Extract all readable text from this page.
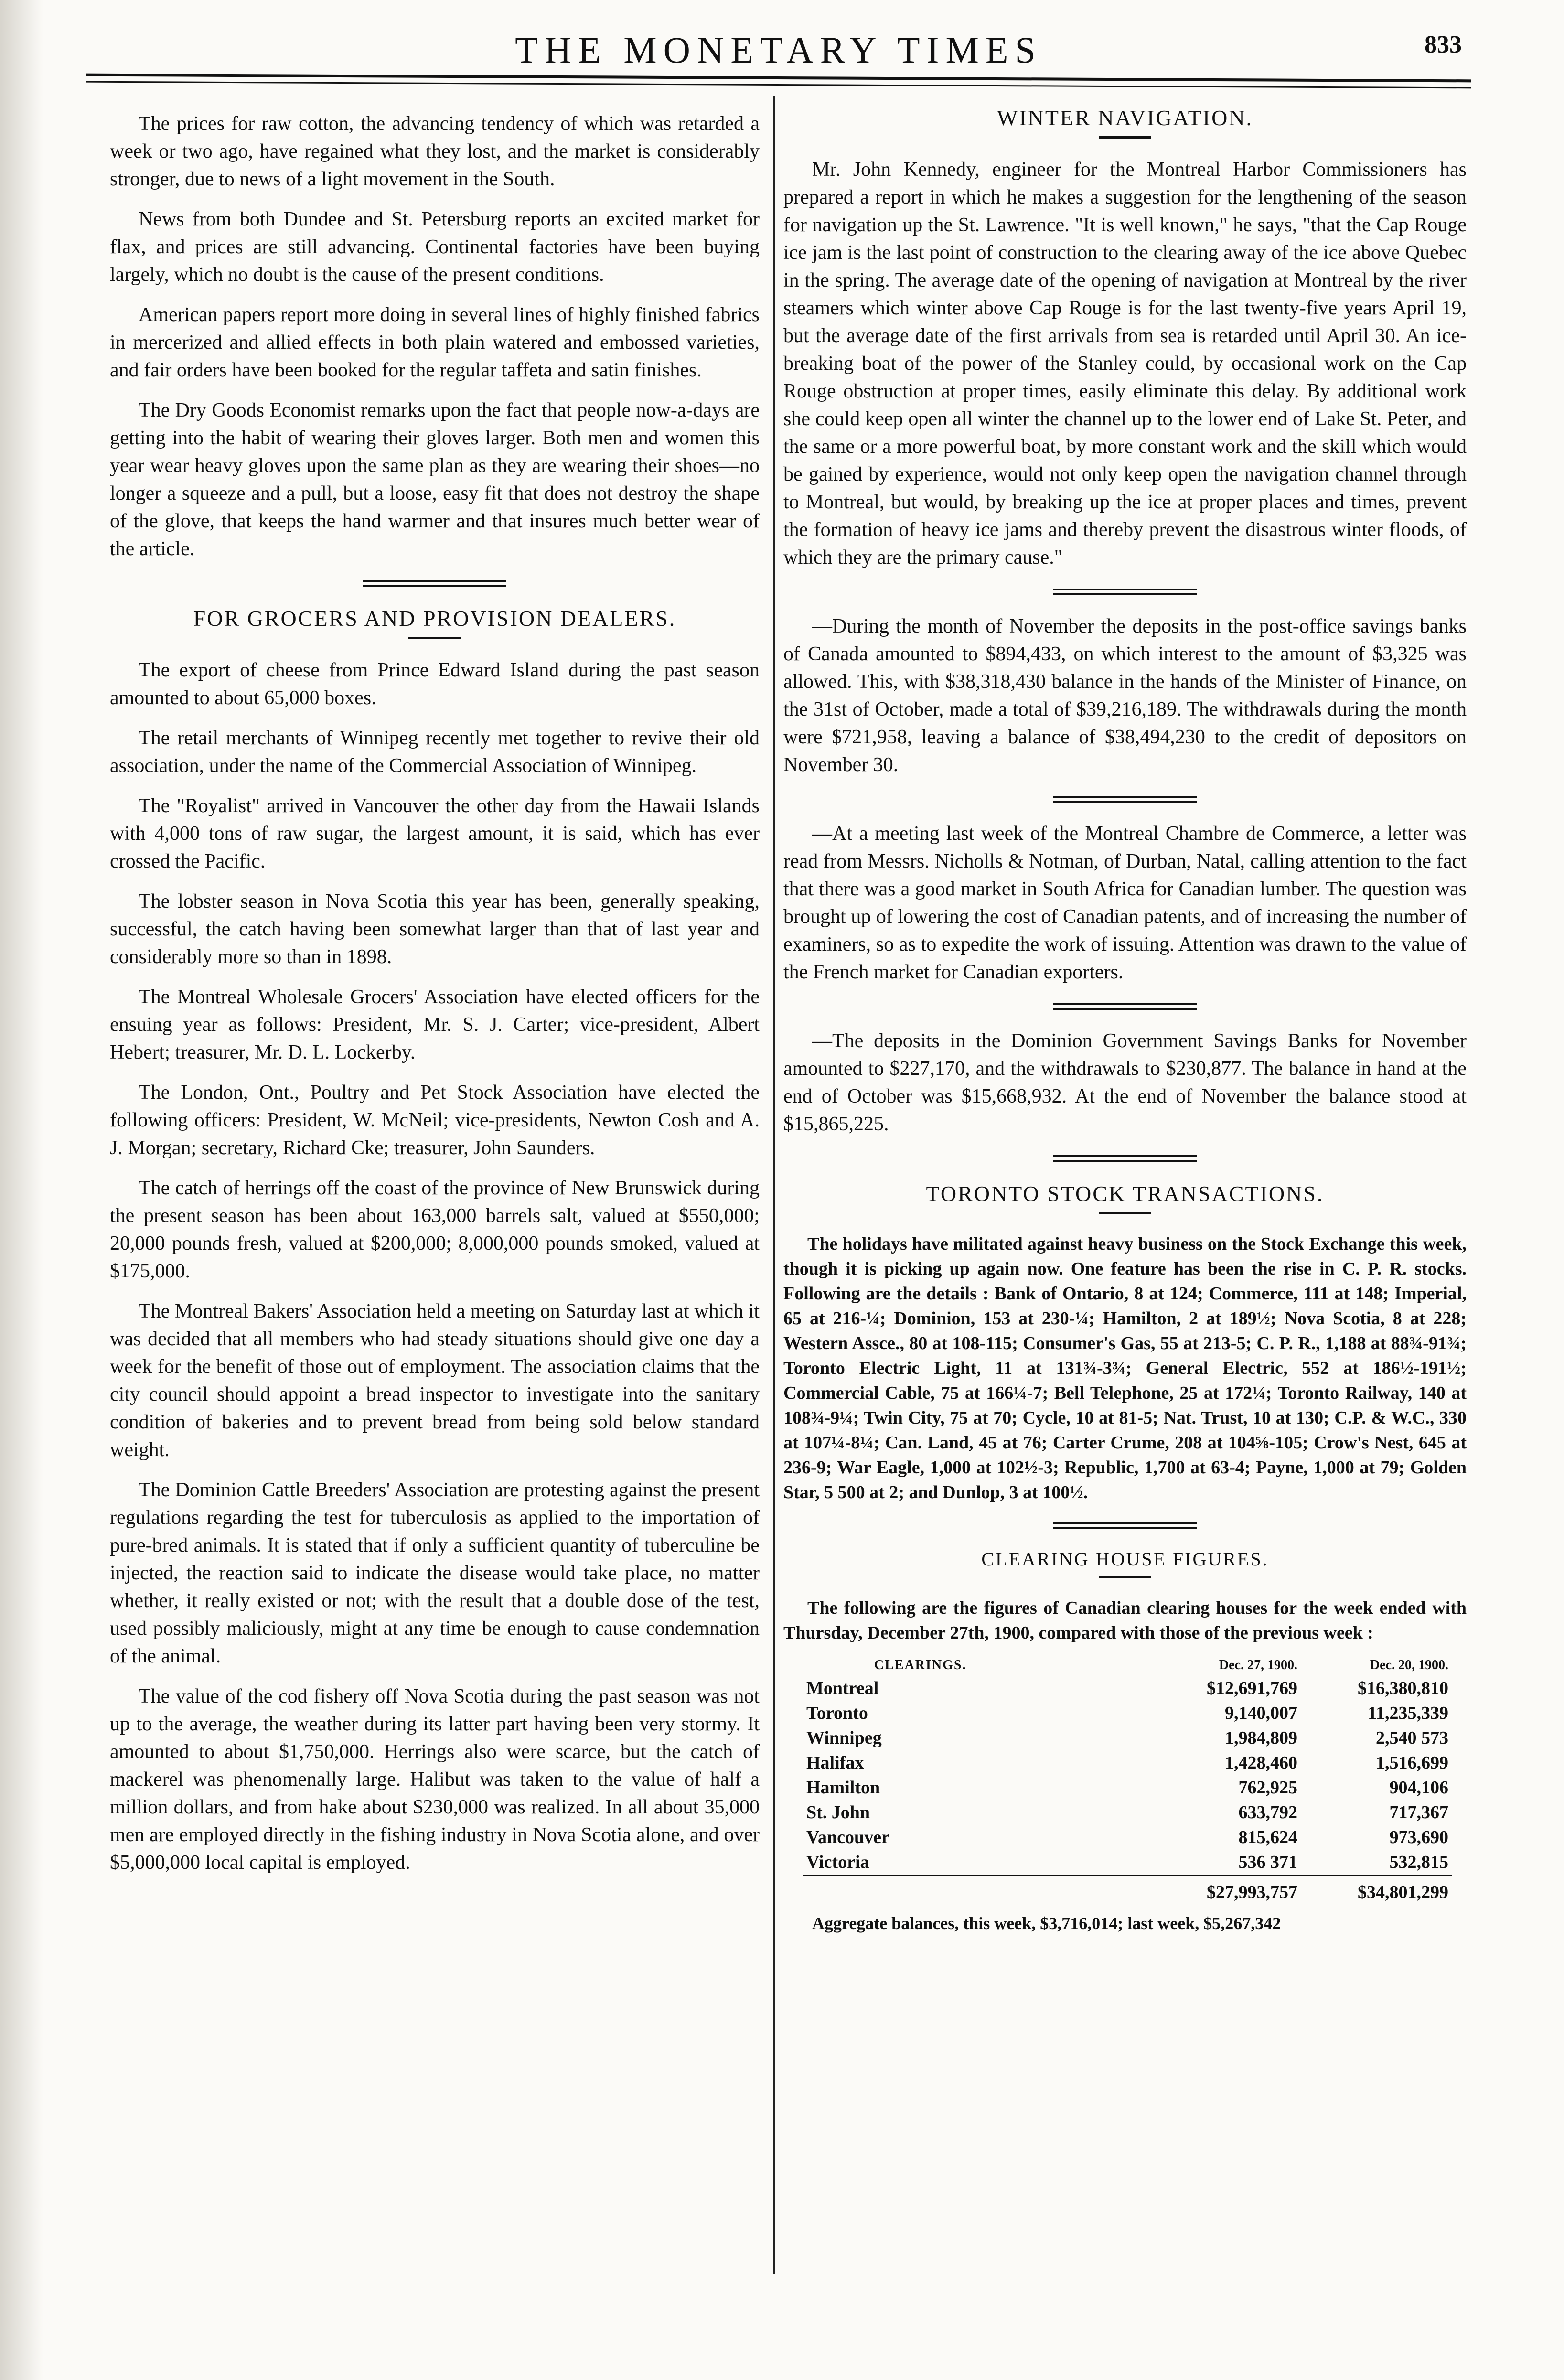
THE MONETARY TIMES	833

The prices for raw cotton, the advancing tendency of which was retarded a week or two ago, have regained what they lost, and the market is considerably stronger, due to news of a light movement in the South.

News from both Dundee and St. Petersburg reports an excited market for flax, and prices are still advancing. Continental factories have been buying largely, which no doubt is the cause of the present conditions.

American papers report more doing in several lines of highly finished fabrics in mercerized and allied effects in both plain watered and embossed varieties, and fair orders have been booked for the regular taffeta and satin finishes.

The Dry Goods Economist remarks upon the fact that people now-a-days are getting into the habit of wearing their gloves larger. Both men and women this year wear heavy gloves upon the same plan as they are wearing their shoes—no longer a squeeze and a pull, but a loose, easy fit that does not destroy the shape of the glove, that keeps the hand warmer and that insures much better wear of the article.

FOR GROCERS AND PROVISION DEALERS.

The export of cheese from Prince Edward Island during the past season amounted to about 65,000 boxes.

The retail merchants of Winnipeg recently met together to revive their old association, under the name of the Commercial Association of Winnipeg.

The "Royalist" arrived in Vancouver the other day from the Hawaii Islands with 4,000 tons of raw sugar, the largest amount, it is said, which has ever crossed the Pacific.

The lobster season in Nova Scotia this year has been, generally speaking, successful, the catch having been somewhat larger than that of last year and considerably more so than in 1898.

The Montreal Wholesale Grocers' Association have elected officers for the ensuing year as follows: President, Mr. S. J. Carter; vice-president, Albert Hebert; treasurer, Mr. D. L. Lockerby.

The London, Ont., Poultry and Pet Stock Association have elected the following officers: President, W. McNeil; vice-presidents, Newton Cosh and A. J. Morgan; secretary, Richard Cke; treasurer, John Saunders.

The catch of herrings off the coast of the province of New Brunswick during the present season has been about 163,000 barrels salt, valued at $550,000; 20,000 pounds fresh, valued at $200,000; 8,000,000 pounds smoked, valued at $175,000.

The Montreal Bakers' Association held a meeting on Saturday last at which it was decided that all members who had steady situations should give one day a week for the benefit of those out of employment. The association claims that the city council should appoint a bread inspector to investigate into the sanitary condition of bakeries and to prevent bread from being sold below standard weight.

The Dominion Cattle Breeders' Association are protesting against the present regulations regarding the test for tuberculosis as applied to the importation of pure-bred animals. It is stated that if only a sufficient quantity of tuberculine be injected, the reaction said to indicate the disease would take place, no matter whether, it really existed or not; with the result that a double dose of the test, used possibly maliciously, might at any time be enough to cause condemnation of the animal.

The value of the cod fishery off Nova Scotia during the past season was not up to the average, the weather during its latter part having been very stormy. It amounted to about $1,750,000. Herrings also were scarce, but the catch of mackerel was phenomenally large. Halibut was taken to the value of half a million dollars, and from hake about $230,000 was realized. In all about 35,000 men are employed directly in the fishing industry in Nova Scotia alone, and over $5,000,000 local capital is employed.

WINTER NAVIGATION.

Mr. John Kennedy, engineer for the Montreal Harbor Commissioners has prepared a report in which he makes a suggestion for the lengthening of the season for navigation up the St. Lawrence. "It is well known," he says, "that the Cap Rouge ice jam is the last point of construction to the clearing away of the ice above Quebec in the spring. The average date of the opening of navigation at Montreal by the river steamers which winter above Cap Rouge is for the last twenty-five years April 19, but the average date of the first arrivals from sea is retarded until April 30. An ice-breaking boat of the power of the Stanley could, by occasional work on the Cap Rouge obstruction at proper times, easily eliminate this delay. By additional work she could keep open all winter the channel up to the lower end of Lake St. Peter, and the same or a more powerful boat, by more constant work and the skill which would be gained by experience, would not only keep open the navigation channel through to Montreal, but would, by breaking up the ice at proper places and times, prevent the formation of heavy ice jams and thereby prevent the disastrous winter floods, of which they are the primary cause."

—During the month of November the deposits in the post-office savings banks of Canada amounted to $894,433, on which interest to the amount of $3,325 was allowed. This, with $38,318,430 balance in the hands of the Minister of Finance, on the 31st of October, made a total of $39,216,189. The withdrawals during the month were $721,958, leaving a balance of $38,494,230 to the credit of depositors on November 30.

—At a meeting last week of the Montreal Chambre de Commerce, a letter was read from Messrs. Nicholls & Notman, of Durban, Natal, calling attention to the fact that there was a good market in South Africa for Canadian lumber. The question was brought up of lowering the cost of Canadian patents, and of increasing the number of examiners, so as to expedite the work of issuing. Attention was drawn to the value of the French market for Canadian exporters.

—The deposits in the Dominion Government Savings Banks for November amounted to $227,170, and the withdrawals to $230,877. The balance in hand at the end of October was $15,668,932. At the end of November the balance stood at $15,865,225.

TORONTO STOCK TRANSACTIONS.

The holidays have militated against heavy business on the Stock Exchange this week, though it is picking up again now. One feature has been the rise in C. P. R. stocks. Following are the details : Bank of Ontario, 8 at 124; Commerce, 111 at 148; Imperial, 65 at 216-¼; Dominion, 153 at 230-¼; Hamilton, 2 at 189½; Nova Scotia, 8 at 228; Western Assce., 80 at 108-115; Consumer's Gas, 55 at 213-5; C. P. R., 1,188 at 88¾-91¾; Toronto Electric Light, 11 at 131¾-3¾; General Electric, 552 at 186½-191½; Commercial Cable, 75 at 166¼-7; Bell Telephone, 25 at 172¼; Toronto Railway, 140 at 108¾-9¼; Twin City, 75 at 70; Cycle, 10 at 81-5; Nat. Trust, 10 at 130; C.P. & W.C., 330 at 107¼-8¼; Can. Land, 45 at 76; Carter Crume, 208 at 104⅝-105; Crow's Nest, 645 at 236-9; War Eagle, 1,000 at 102½-3; Republic, 1,700 at 63-4; Payne, 1,000 at 79; Golden Star, 5 500 at 2; and Dunlop, 3 at 100½.

CLEARING HOUSE FIGURES.

The following are the figures of Canadian clearing houses for the week ended with Thursday, December 27th, 1900, compared with those of the previous week :

CLEARINGS.	Dec. 27, 1900.	Dec. 20, 1900.
Montreal	$12,691,769	$16,380,810
Toronto	9,140,007	11,235,339
Winnipeg	1,984,809	2,540 573
Halifax	1,428,460	1,516,699
Hamilton	762,925	904,106
St. John	633,792	717,367
Vancouver	815,624	973,690
Victoria	536 371	532,815
	$27,993,757	$34,801,299
Aggregate balances, this week, $3,716,014; last week, $5,267,342
